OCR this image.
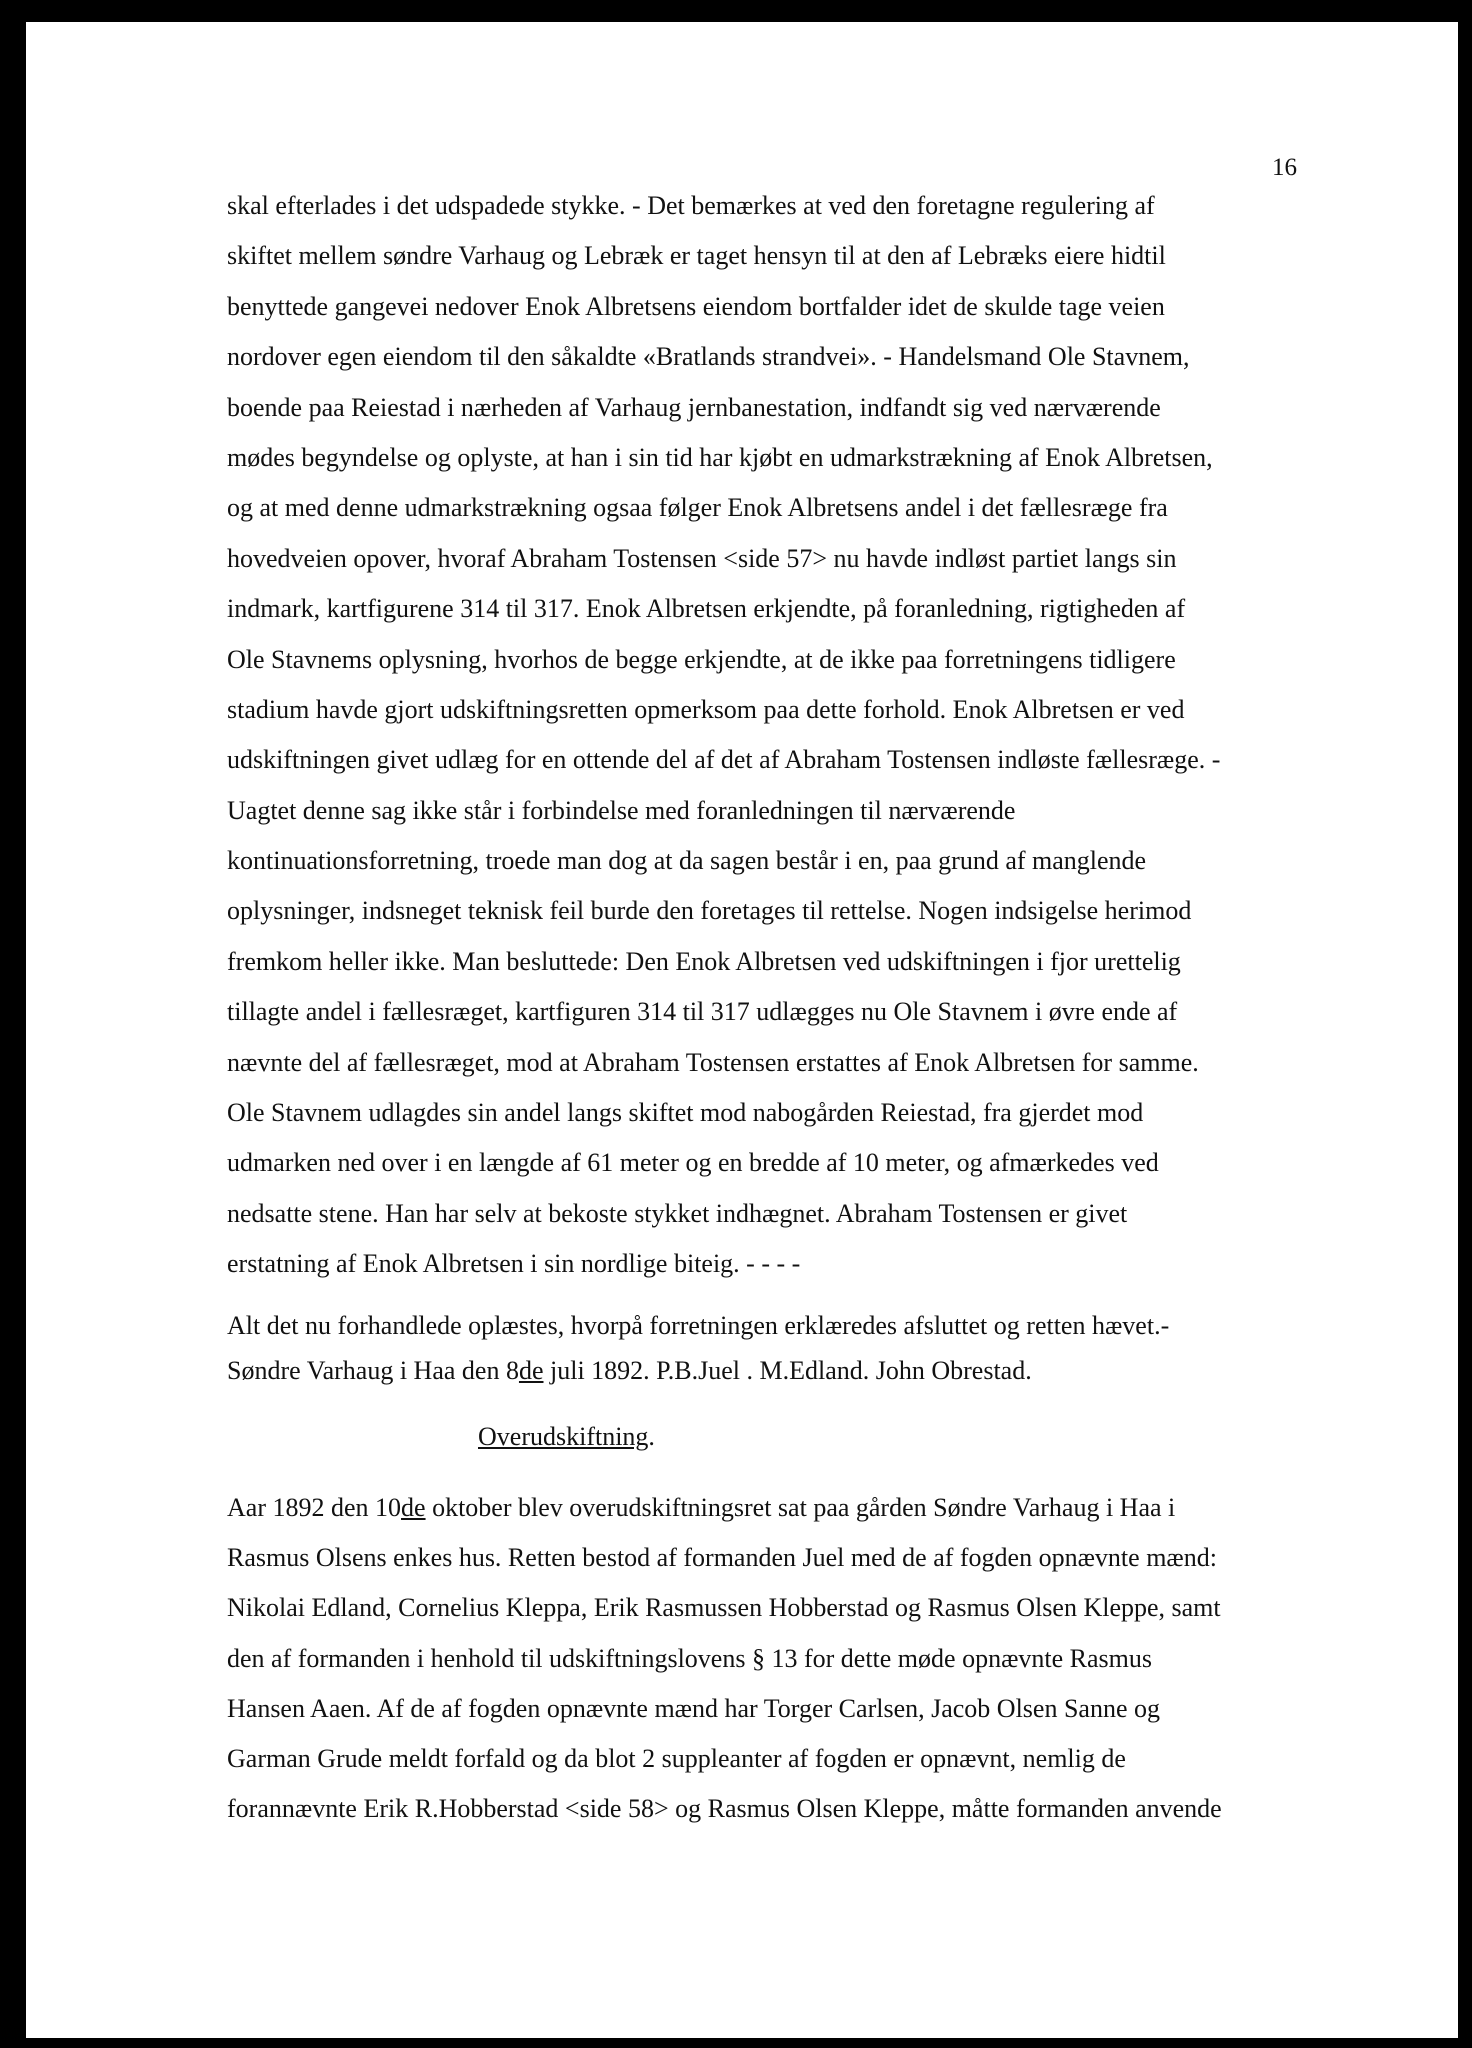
16
skal efterlades i det udspadede stykke. - Det bemærkes at ved den foretagne regulering af
skiftet mellem søndre Varhaug og Lebræk er taget hensyn til at den af Lebræks eiere hidtil
benyttede gangevei nedover Enok Albretsens eiendom bortfalder idet de skulde tage veien
nordover egen eiendom til den såkaldte «Bratlands strandvei». - Handelsmand Ole Stavnem,
boende paa Reiestad i nærheden af Varhaug jernbanestation, indfandt sig ved nærværende
mødes begyndelse og oplyste, at han i sin tid har kjøbt en udmarkstrækning af Enok Albretsen,
og at med denne udmarkstrækning ogsaa følger Enok Albretsens andel i det fællesræge fra
hovedveien opover, hvoraf Abraham Tostensen <side 57> nu havde indløst partiet langs sin
indmark, kartfigurene 314 til 317. Enok Albretsen erkjendte, på foranledning, rigtigheden af
Ole Stavnems oplysning, hvorhos de begge erkjendte, at de ikke paa forretningens tidligere
stadium havde gjort udskiftningsretten opmerksom paa dette forhold. Enok Albretsen er ved
udskiftningen givet udlæg for en ottende del af det af Abraham Tostensen indløste fællesræge. -
Uagtet denne sag ikke står i forbindelse med foranledningen til nærværende
kontinuationsforretning, troede man dog at da sagen består i en, paa grund af manglende
oplysninger, indsneget teknisk feil burde den foretages til rettelse. Nogen indsigelse herimod
fremkom heller ikke. Man besluttede: Den Enok Albretsen ved udskiftningen i fjor urettelig
tillagte andel i fællesræget, kartfiguren 314 til 317 udlægges nu Ole Stavnem i øvre ende af
nævnte del af fællesræget, mod at Abraham Tostensen erstattes af Enok Albretsen for samme.
Ole Stavnem udlagdes sin andel langs skiftet mod nabogården Reiestad, fra gjerdet mod
udmarken ned over i en længde af 61 meter og en bredde af 10 meter, og afmærkedes ved
nedsatte stene. Han har selv at bekoste stykket indhægnet. Abraham Tostensen er givet
erstatning af Enok Albretsen i sin nordlige biteig. - - - -
Alt det nu forhandlede oplæstes, hvorpå forretningen erklæredes afsluttet og retten hævet.-
Søndre Varhaug i Haa den 8de juli 1892. P.B.Juel . M.Edland. John Obrestad.
Overudskiftning.
Aar 1892 den 10de oktober blev overudskiftningsret sat paa gården Søndre Varhaug i Haa i
Rasmus Olsens enkes hus. Retten bestod af formanden Juel med de af fogden opnævnte mænd:
Nikolai Edland, Cornelius Kleppa, Erik Rasmussen Hobberstad og Rasmus Olsen Kleppe, samt
den af formanden i henhold til udskiftningslovens § 13 for dette møde opnævnte Rasmus
Hansen Aaen. Af de af fogden opnævnte mænd har Torger Carlsen, Jacob Olsen Sanne og
Garman Grude meldt forfald og da blot 2 suppleanter af fogden er opnævnt, nemlig de
forannævnte Erik R.Hobberstad <side 58> og Rasmus Olsen Kleppe, måtte formanden anvende
